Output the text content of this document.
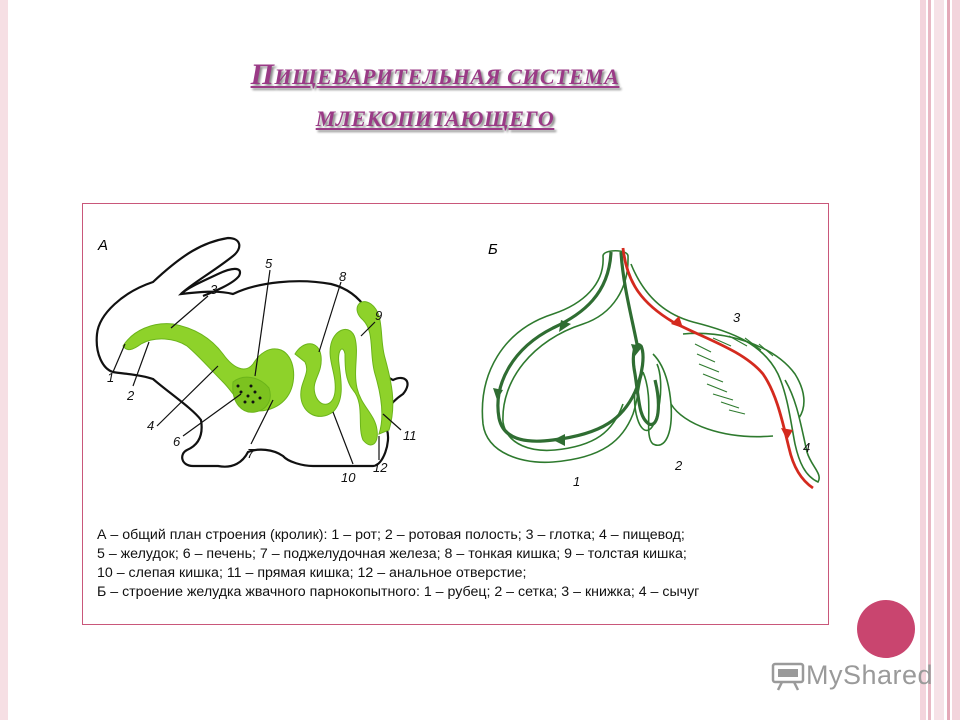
ПИЩЕВАРИТЕЛЬНАЯ СИСТЕМА
МЛЕКОПИТАЮЩЕГО
А
1
2
3
4
5
6
7
8
9
10
11
12
Б
1
2
3
4
А – общий план строения (кролик): 1 – рот; 2 – ротовая полость; 3 – глотка; 4 – пищевод;
5 – желудок; 6 – печень; 7 – поджелудочная железа; 8 – тонкая кишка; 9 – толстая кишка;
10 – слепая кишка; 11 – прямая кишка; 12 – анальное отверстие;
Б – строение желудка жвачного парнокопытного: 1 – рубец; 2 – сетка; 3 – книжка; 4 – сычуг
MyShared
